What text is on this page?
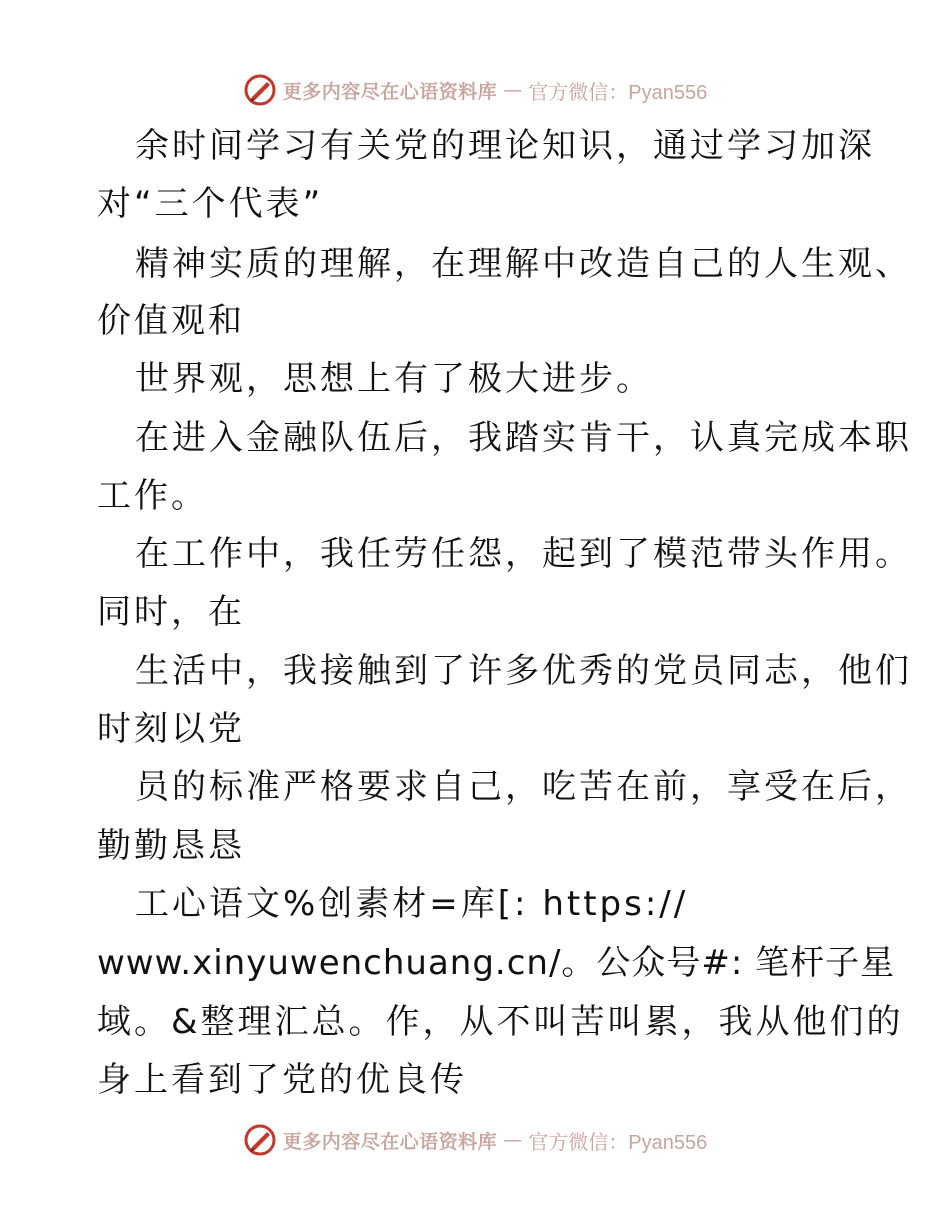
更多内容尽在心语资料库 — 官方微信：Pyan556
余时间学习有关党的理论知识，通过学习加深
对“三个代表”
精神实质的理解，在理解中改造自己的人生观、
价值观和
世界观，思想上有了极大进步。
在进入金融队伍后，我踏实肯干，认真完成本职
工作。
在工作中，我任劳任怨，起到了模范带头作用。
同时，在
生活中，我接触到了许多优秀的党员同志，他们
时刻以党
员的标准严格要求自己，吃苦在前，享受在后，
勤勤恳恳
工心语文%创素材=库[: https://
www.xinyuwenchuang.cn/。公众号#: 笔杆子星
域。&整理汇总。作，从不叫苦叫累，我从他们的
身上看到了党的优良传
更多内容尽在心语资料库 — 官方微信：Pyan556
